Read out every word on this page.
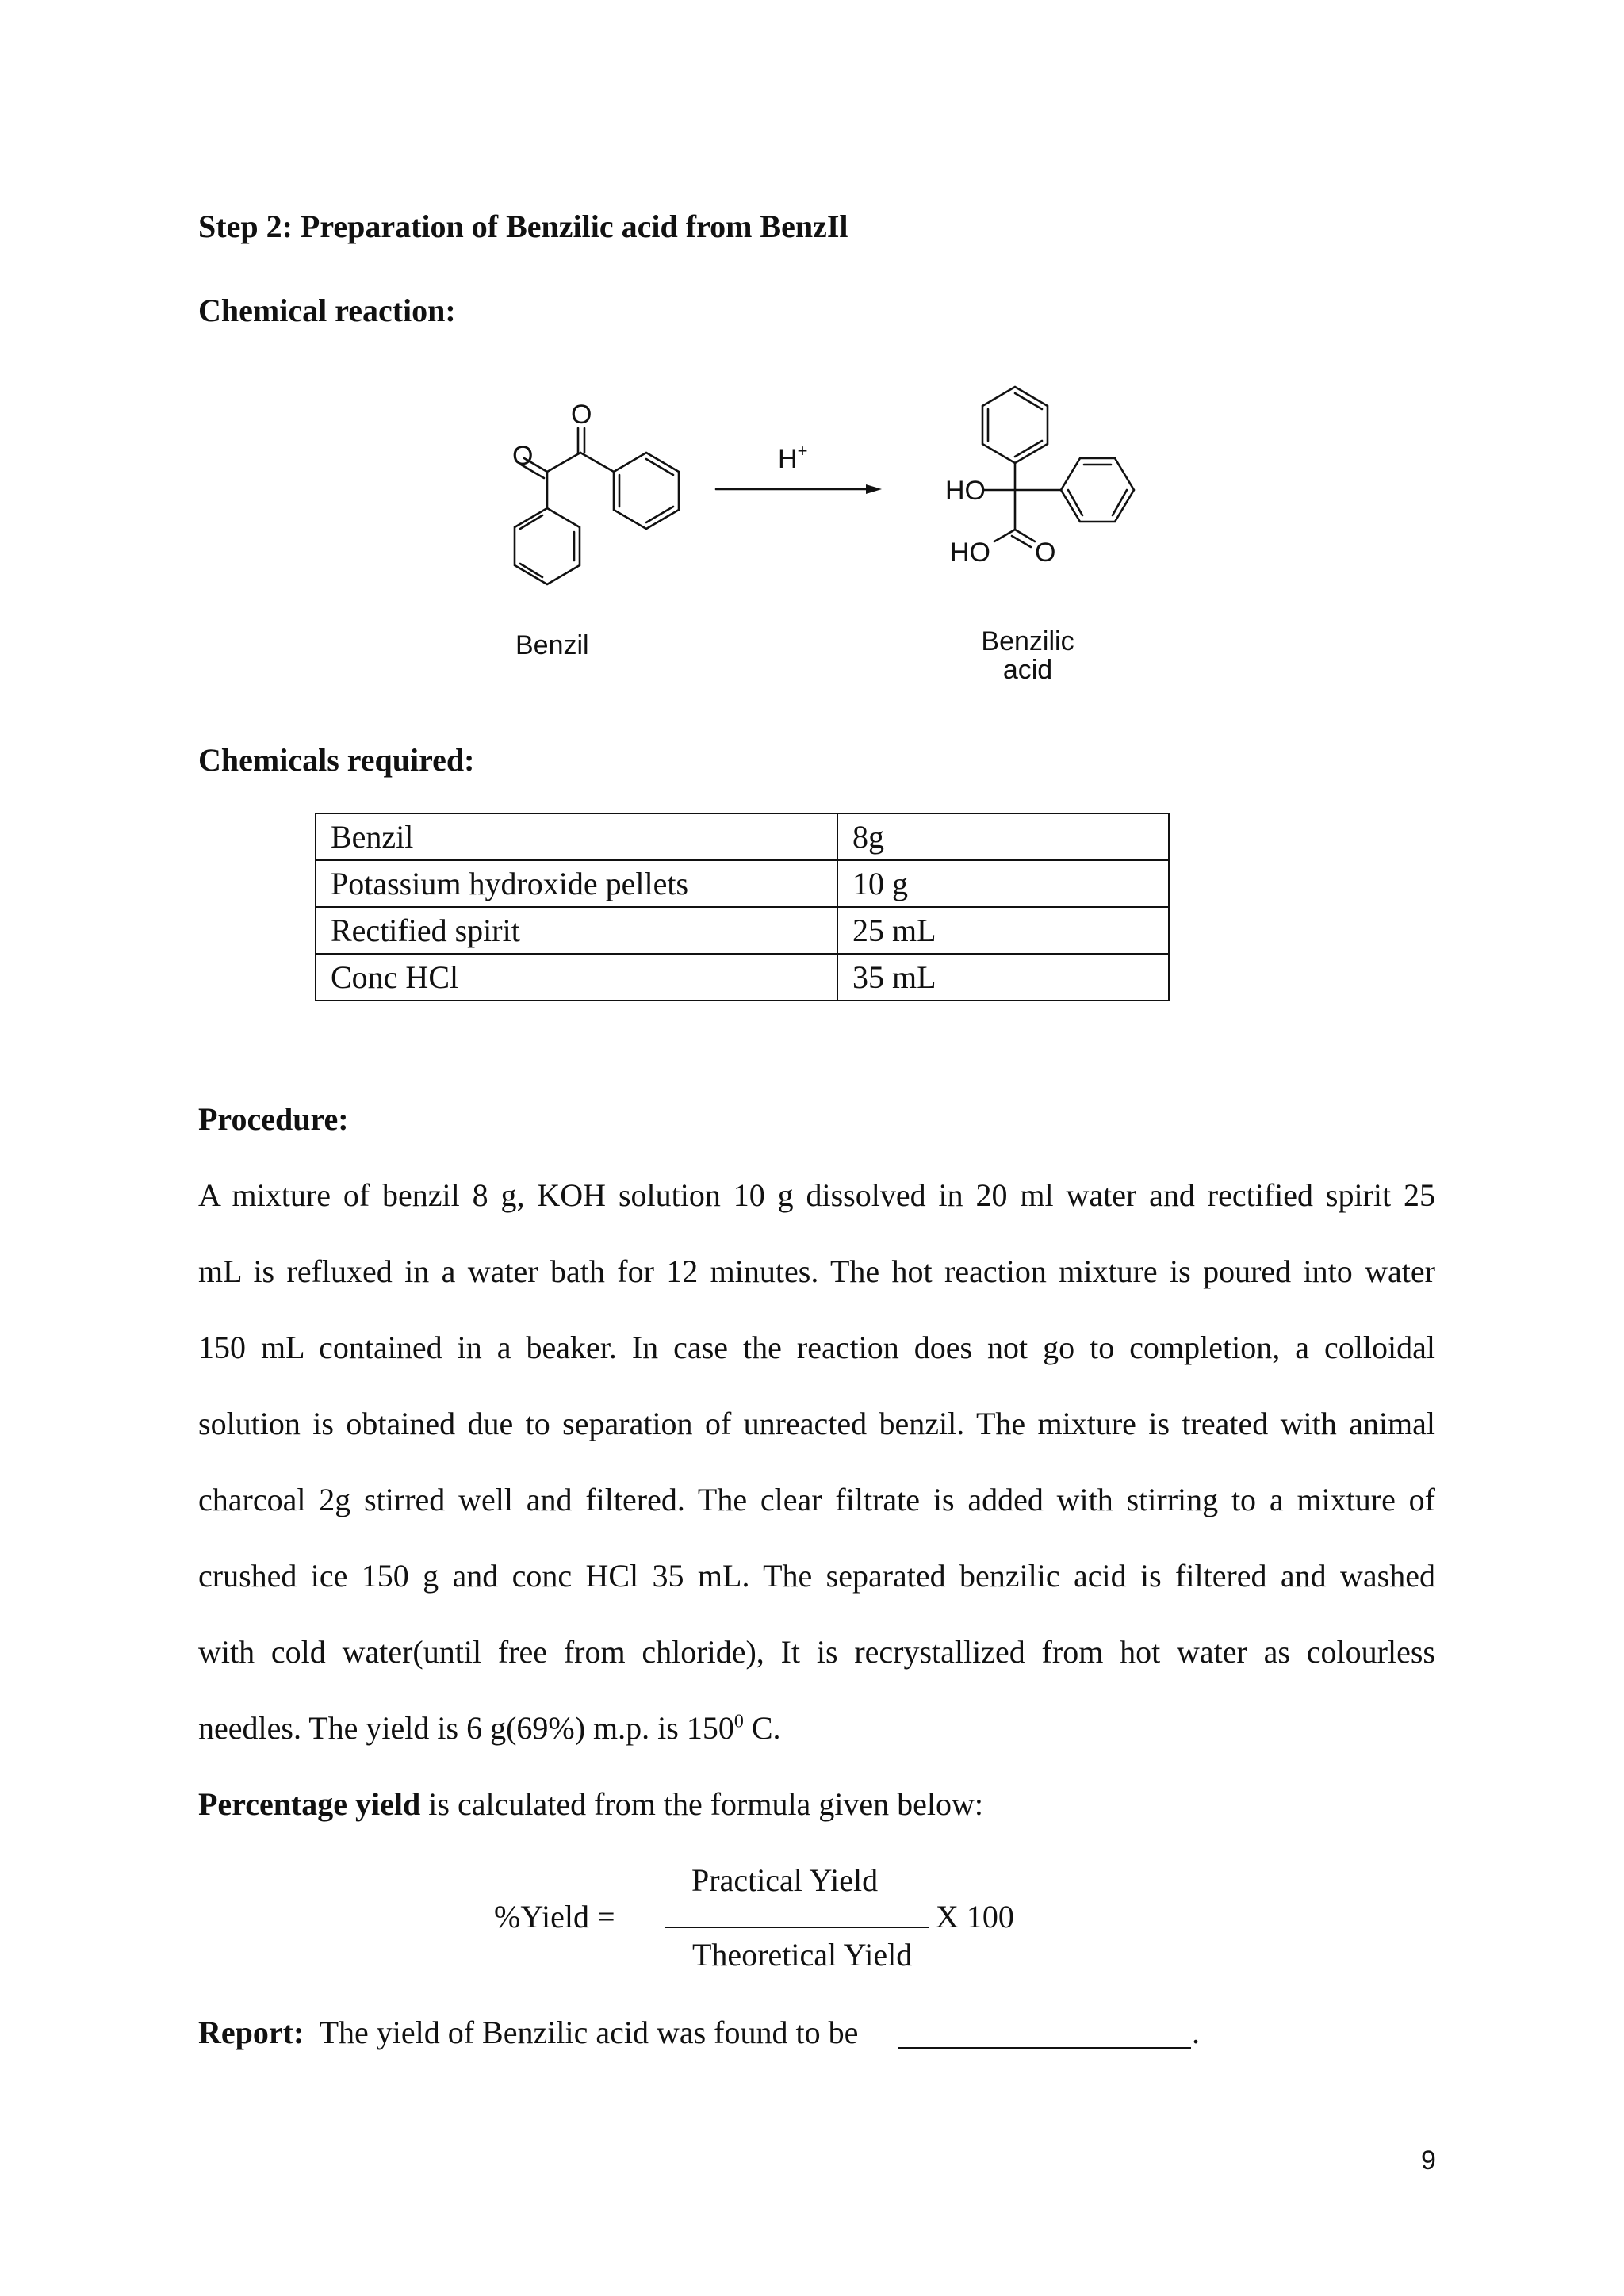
Step 2: Preparation of Benzilic acid from BenzIl
Chemical reaction:
O
O
H+
HO
HO O
Benzil	Benzilic
acid
Chemicals required:
Benzil	8g
Potassium hydroxide pellets	10 g
Rectified spirit	25 mL
Conc HCl	35 mL
Procedure:
A mixture of benzil 8 g, KOH solution 10 g dissolved in 20 ml water and rectified spirit 25
mL is refluxed in a water bath for 12 minutes. The hot reaction mixture is poured into water
150 mL contained in a beaker. In case the reaction does not go to completion, a colloidal
solution is obtained due to separation of unreacted benzil. The mixture is treated with animal
charcoal 2g stirred well and filtered. The clear filtrate is added with stirring to a mixture of
crushed ice 150 g and conc HCl 35 mL. The separated benzilic acid is filtered and washed
with cold water(until free from chloride), It is recrystallized from hot water as colourless
needles. The yield is 6 g(69%) m.p. is $150^0$ C.
Percentage yield is calculated from the formula given below:
Practical Yield
%Yield =	X 100
Theoretical Yield
Report: The yield of Benzilic acid was found to be	.
9
